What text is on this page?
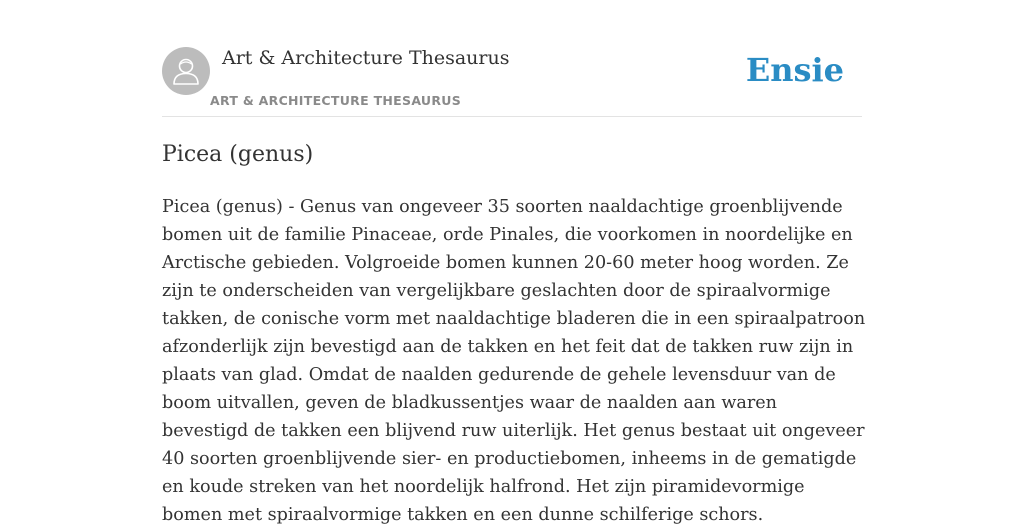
Art & Architecture Thesaurus
ART & ARCHITECTURE THESAURUS
Ensie
Picea (genus)

Picea (genus) - Genus van ongeveer 35 soorten naaldachtige groenblijvende bomen uit de familie Pinaceae, orde Pinales, die voorkomen in noordelijke en Arctische gebieden. Volgroeide bomen kunnen 20-60 meter hoog worden. Ze zijn te onderscheiden van vergelijkbare geslachten door de spiraalvormige takken, de conische vorm met naaldachtige bladeren die in een spiraalpatroon afzonderlijk zijn bevestigd aan de takken en het feit dat de takken ruw zijn in plaats van glad. Omdat de naalden gedurende de gehele levensduur van de boom uitvallen, geven de bladkussentjes waar de naalden aan waren bevestigd de takken een blijvend ruw uiterlijk. Het genus bestaat uit ongeveer 40 soorten groenblijvende sier- en productiebomen, inheems in de gematigde en koude streken van het noordelijk halfrond. Het zijn piramidevormige bomen met spiraalvormige takken en een dunne schilferige schors.
